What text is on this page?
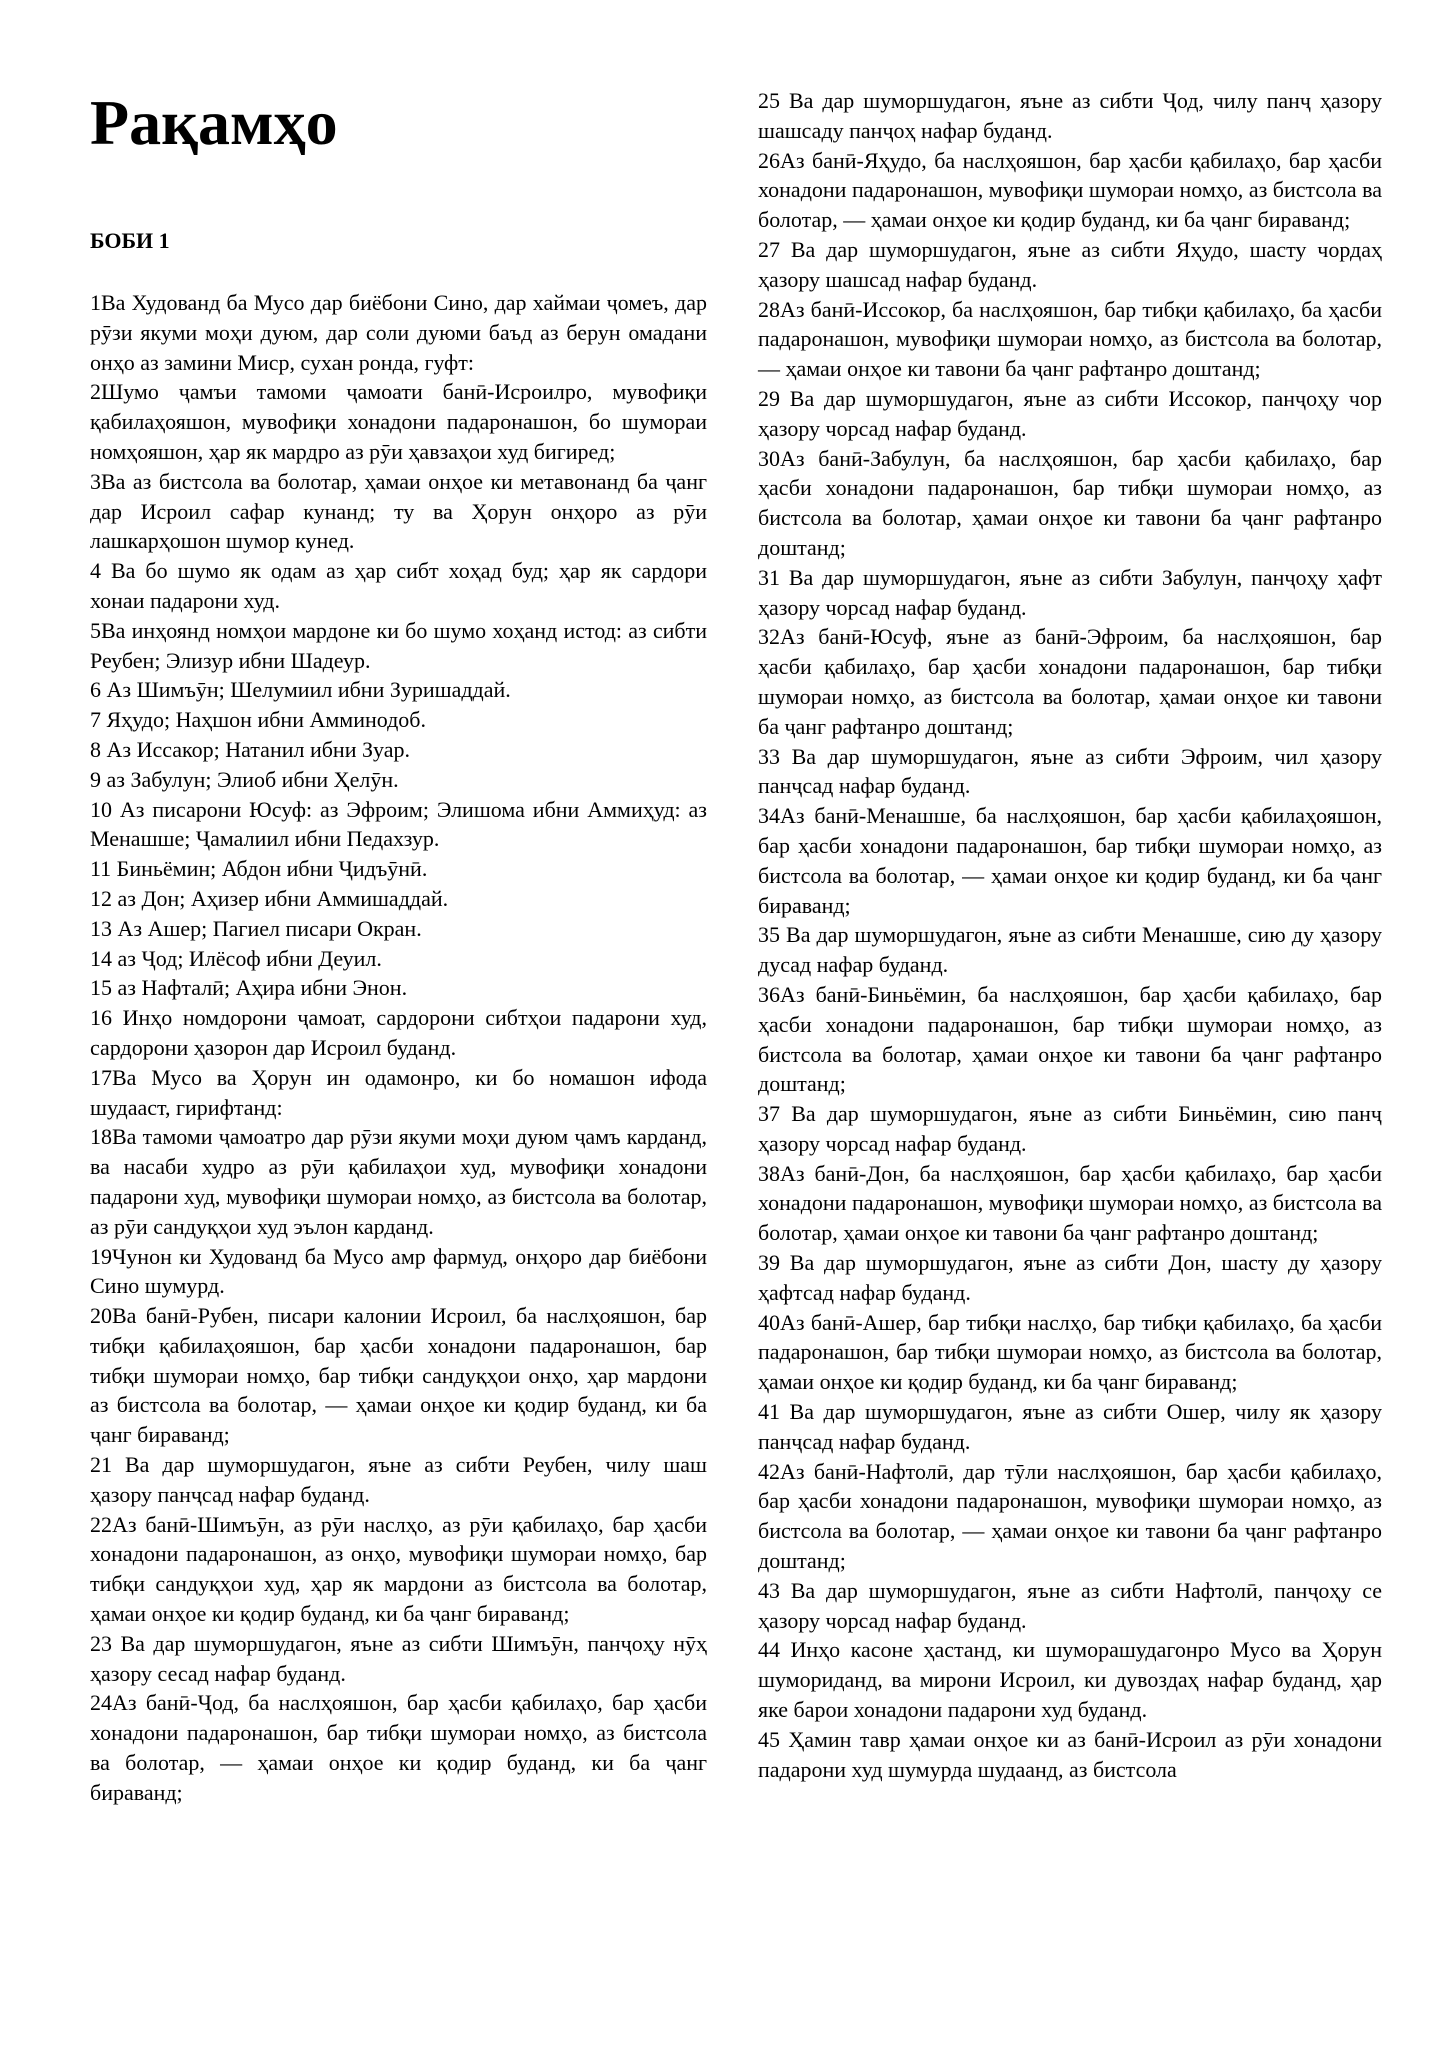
Рақамҳо
БОБИ 1

1Ва Худованд ба Мусо дар биёбони Сино, дар хаймаи ҷомеъ, дар рӯзи якуми моҳи дуюм, дар соли дуюми баъд аз берун омадани онҳо аз замини Миср, сухан ронда, гуфт:

2Шумо ҷамъи тамоми ҷамоати банӣ-Исроилро, мувофиқи қабилаҳояшон, мувофиқи хонадони падаронашон, бо шумораи номҳояшон, ҳар як мардро аз рӯи ҳавзаҳои худ бигиред;

3Ва аз бистсола ва болотар, ҳамаи онҳое ки метавонанд ба ҷанг дар Исроил сафар кунанд; ту ва Ҳорун онҳоро аз рӯи лашкарҳошон шумор кунед.

4 Ва бо шумо як одам аз ҳар сибт хоҳад буд; ҳар як сардори хонаи падарони худ.

5Ва инҳоянд номҳои мардоне ки бо шумо хоҳанд истод: аз сибти Реубен; Элизур ибни Шадеур.

6 Аз Шимъӯн; Шелумиил ибни Зуришаддай.

7 Яҳудо; Наҳшон ибни Амминодоб.

8 Аз Иссакор; Натанил ибни Зуар.

9 аз Забулун; Элиоб ибни Ҳелӯн.

10 Аз писарони Юсуф: аз Эфроим; Элишома ибни Аммиҳуд: аз Менашше; Ҷамалиил ибни Педахзур.

11 Биньёмин; Абдон ибни Ҷидъӯнӣ.

12 аз Дон; Аҳизер ибни Аммишаддай.

13 Аз Ашер; Пагиел писари Окран.

14 аз Ҷод; Илёсоф ибни Деуил.

15 аз Нафталӣ; Аҳира ибни Энон.

16 Инҳо номдорони ҷамоат, сардорони сибтҳои падарони худ, сардорони ҳазорон дар Исроил буданд.

17Ва Мусо ва Ҳорун ин одамонро, ки бо номашон ифода шудааст, гирифтанд:

18Ва тамоми ҷамоатро дар рӯзи якуми моҳи дуюм ҷамъ карданд, ва насаби худро аз рӯи қабилаҳои худ, мувофиқи хонадони падарони худ, мувофиқи шумораи номҳо, аз бистсола ва болотар, аз рӯи сандуқҳои худ эълон карданд.

19Чунон ки Худованд ба Мусо амр фармуд, онҳоро дар биёбони Сино шумурд.

20Ва банӣ-Рубен, писари калонии Исроил, ба наслҳояшон, бар тибқи қабилаҳояшон, бар ҳасби хонадони падаронашон, бар тибқи шумораи номҳо, бар тибқи сандуқҳои онҳо, ҳар мардони аз бистсола ва болотар, — ҳамаи онҳое ки қодир буданд, ки ба ҷанг бираванд;

21 Ва дар шуморшудагон, яъне аз сибти Реубен, чилу шаш ҳазору панҷсад нафар буданд.

22Аз банӣ-Шимъӯн, аз рӯи наслҳо, аз рӯи қабилаҳо, бар ҳасби хонадони падаронашон, аз онҳо, мувофиқи шумораи номҳо, бар тибқи сандуқҳои худ, ҳар як мардони аз бистсола ва болотар, ҳамаи онҳое ки қодир буданд, ки ба ҷанг бираванд;

23 Ва дар шуморшудагон, яъне аз сибти Шимъӯн, панҷоҳу нӯҳ ҳазору сесад нафар буданд.

24Аз банӣ-Ҷод, ба наслҳояшон, бар ҳасби қабилаҳо, бар ҳасби хонадони падаронашон, бар тибқи шумораи номҳо, аз бистсола ва болотар, — ҳамаи онҳое ки қодир буданд, ки ба ҷанг бираванд;

25 Ва дар шуморшудагон, яъне аз сибти Ҷод, чилу панҷ ҳазору шашсаду панҷоҳ нафар буданд.

26Аз банӣ-Яҳудо, ба наслҳояшон, бар ҳасби қабилаҳо, бар ҳасби хонадони падаронашон, мувофиқи шумораи номҳо, аз бистсола ва болотар, — ҳамаи онҳое ки қодир буданд, ки ба ҷанг бираванд;

27 Ва дар шуморшудагон, яъне аз сибти Яҳудо, шасту чордаҳ ҳазору шашсад нафар буданд.

28Аз банӣ-Иссокор, ба наслҳояшон, бар тибқи қабилаҳо, ба ҳасби падаронашон, мувофиқи шумораи номҳо, аз бистсола ва болотар, — ҳамаи онҳое ки тавони ба ҷанг рафтанро доштанд;

29 Ва дар шуморшудагон, яъне аз сибти Иссокор, панҷоҳу чор ҳазору чорсад нафар буданд.

30Аз банӣ-Забулун, ба наслҳояшон, бар ҳасби қабилаҳо, бар ҳасби хонадони падаронашон, бар тибқи шумораи номҳо, аз бистсола ва болотар, ҳамаи онҳое ки тавони ба ҷанг рафтанро доштанд;

31 Ва дар шуморшудагон, яъне аз сибти Забулун, панҷоҳу ҳафт ҳазору чорсад нафар буданд.

32Аз банӣ-Юсуф, яъне аз банӣ-Эфроим, ба наслҳояшон, бар ҳасби қабилаҳо, бар ҳасби хонадони падаронашон, бар тибқи шумораи номҳо, аз бистсола ва болотар, ҳамаи онҳое ки тавони ба ҷанг рафтанро доштанд;

33 Ва дар шуморшудагон, яъне аз сибти Эфроим, чил ҳазору панҷсад нафар буданд.

34Аз банӣ-Менашше, ба наслҳояшон, бар ҳасби қабилаҳояшон, бар ҳасби хонадони падаронашон, бар тибқи шумораи номҳо, аз бистсола ва болотар, — ҳамаи онҳое ки қодир буданд, ки ба ҷанг бираванд;

35 Ва дар шуморшудагон, яъне аз сибти Менашше, сию ду ҳазору дусад нафар буданд.

36Аз банӣ-Биньёмин, ба наслҳояшон, бар ҳасби қабилаҳо, бар ҳасби хонадони падаронашон, бар тибқи шумораи номҳо, аз бистсола ва болотар, ҳамаи онҳое ки тавони ба ҷанг рафтанро доштанд;

37 Ва дар шуморшудагон, яъне аз сибти Биньёмин, сию панҷ ҳазору чорсад нафар буданд.

38Аз банӣ-Дон, ба наслҳояшон, бар ҳасби қабилаҳо, бар ҳасби хонадони падаронашон, мувофиқи шумораи номҳо, аз бистсола ва болотар, ҳамаи онҳое ки тавони ба ҷанг рафтанро доштанд;

39 Ва дар шуморшудагон, яъне аз сибти Дон, шасту ду ҳазору ҳафтсад нафар буданд.

40Аз банӣ-Ашер, бар тибқи наслҳо, бар тибқи қабилаҳо, ба ҳасби падаронашон, бар тибқи шумораи номҳо, аз бистсола ва болотар, ҳамаи онҳое ки қодир буданд, ки ба ҷанг бираванд;

41 Ва дар шуморшудагон, яъне аз сибти Ошер, чилу як ҳазору панҷсад нафар буданд.

42Аз банӣ-Нафтолӣ, дар тӯли наслҳояшон, бар ҳасби қабилаҳо, бар ҳасби хонадони падаронашон, мувофиқи шумораи номҳо, аз бистсола ва болотар, — ҳамаи онҳое ки тавони ба ҷанг рафтанро доштанд;

43 Ва дар шуморшудагон, яъне аз сибти Нафтолӣ, панҷоҳу се ҳазору чорсад нафар буданд.

44 Инҳо касоне ҳастанд, ки шуморашудагонро Мусо ва Ҳорун шумориданд, ва мирони Исроил, ки дувоздаҳ нафар буданд, ҳар яке барои хонадони падарони худ буданд.

45 Ҳамин тавр ҳамаи онҳое ки аз банӣ-Исроил аз рӯи хонадони падарони худ шумурда шудаанд, аз бистсола
